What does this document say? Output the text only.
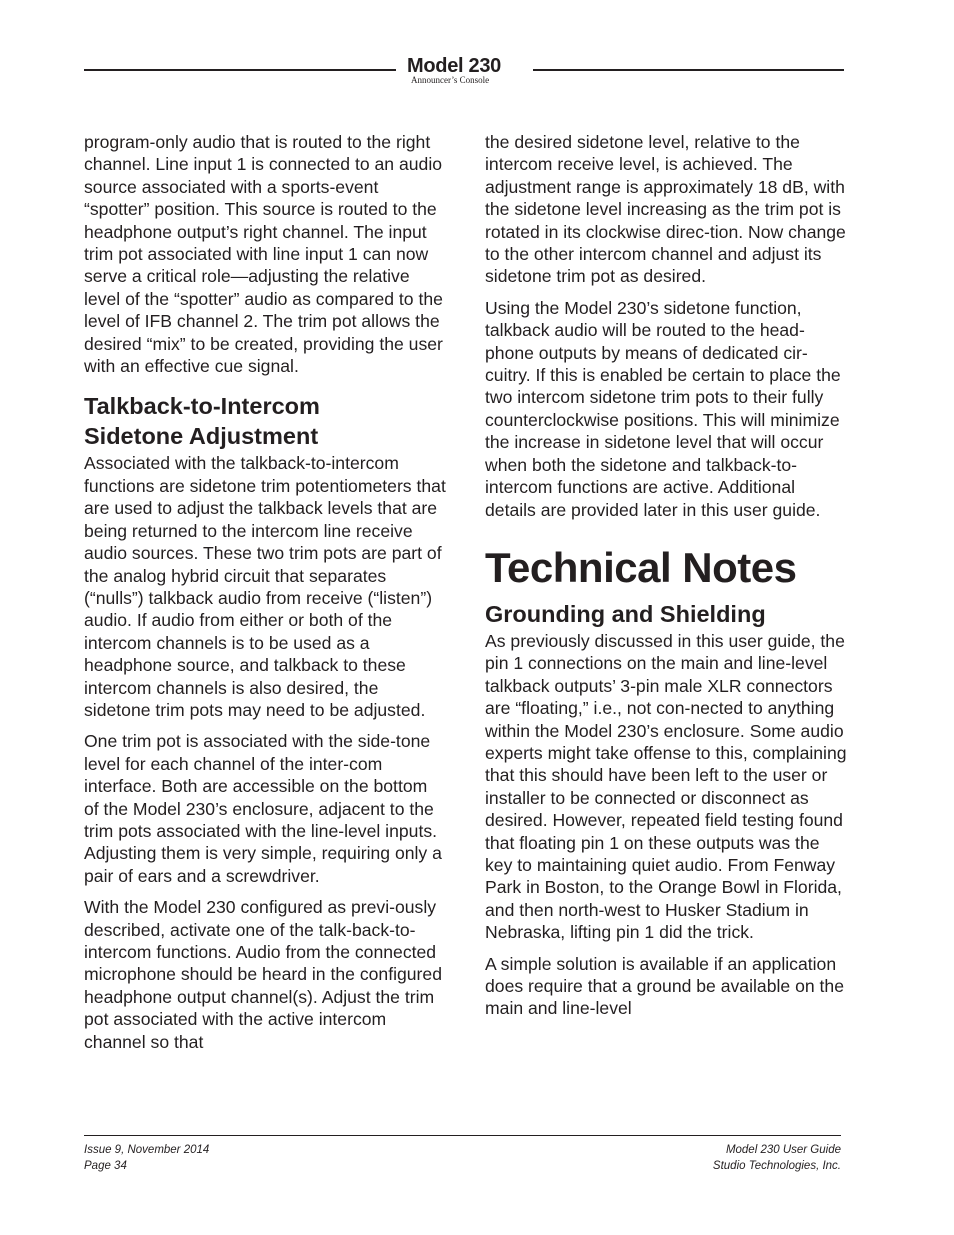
Model 230
Announcer’s Console

program-only audio that is routed to the right channel. Line input 1 is connected to an audio source associated with a sports-event “spotter” position. This source is routed to the headphone output’s right channel. The input trim pot associated with line input 1 can now serve a critical role—adjusting the relative level of the “spotter” audio as compared to the level of IFB channel 2. The trim pot allows the desired “mix” to be created, providing the user with an effective cue signal.

Talkback-to-Intercom
Sidetone Adjustment

Associated with the talkback-to-intercom functions are sidetone trim potentiometers that are used to adjust the talkback levels that are being returned to the intercom line receive audio sources. These two trim pots are part of the analog hybrid circuit that separates (“nulls”) talkback audio from receive (“listen”) audio. If audio from either or both of the intercom channels is to be used as a headphone source, and talkback to these intercom channels is also desired, the sidetone trim pots may need to be adjusted.

One trim pot is associated with the side-tone level for each channel of the inter-com interface. Both are accessible on the bottom of the Model 230’s enclosure, adjacent to the trim pots associated with the line-level inputs. Adjusting them is very simple, requiring only a pair of ears and a screwdriver.

With the Model 230 configured as previ-ously described, activate one of the talk-back-to-intercom functions. Audio from the connected microphone should be heard in the configured headphone output channel(s). Adjust the trim pot associated with the active intercom channel so that

the desired sidetone level, relative to the intercom receive level, is achieved. The adjustment range is approximately 18 dB, with the sidetone level increasing as the trim pot is rotated in its clockwise direc-tion. Now change to the other intercom channel and adjust its sidetone trim pot as desired.

Using the Model 230’s sidetone function, talkback audio will be routed to the head-phone outputs by means of dedicated cir-cuitry. If this is enabled be certain to place the two intercom sidetone trim pots to their fully counterclockwise positions. This will minimize the increase in sidetone level that will occur when both the sidetone and talkback-to-intercom functions are active. Additional details are provided later in this user guide.

Technical Notes
Grounding and Shielding

As previously discussed in this user guide, the pin 1 connections on the main and line-level talkback outputs’ 3-pin male XLR connectors are “floating,” i.e., not con-nected to anything within the Model 230’s enclosure. Some audio experts might take offense to this, complaining that this should have been left to the user or installer to be connected or disconnect as desired. However, repeated field testing found that floating pin 1 on these outputs was the key to maintaining quiet audio. From Fenway Park in Boston, to the Orange Bowl in Florida, and then north-west to Husker Stadium in Nebraska, lifting pin 1 did the trick.

A simple solution is available if an application does require that a ground be available on the main and line-level

Issue 9, November 2014
Page 34
Model 230 User Guide
Studio Technologies, Inc.
